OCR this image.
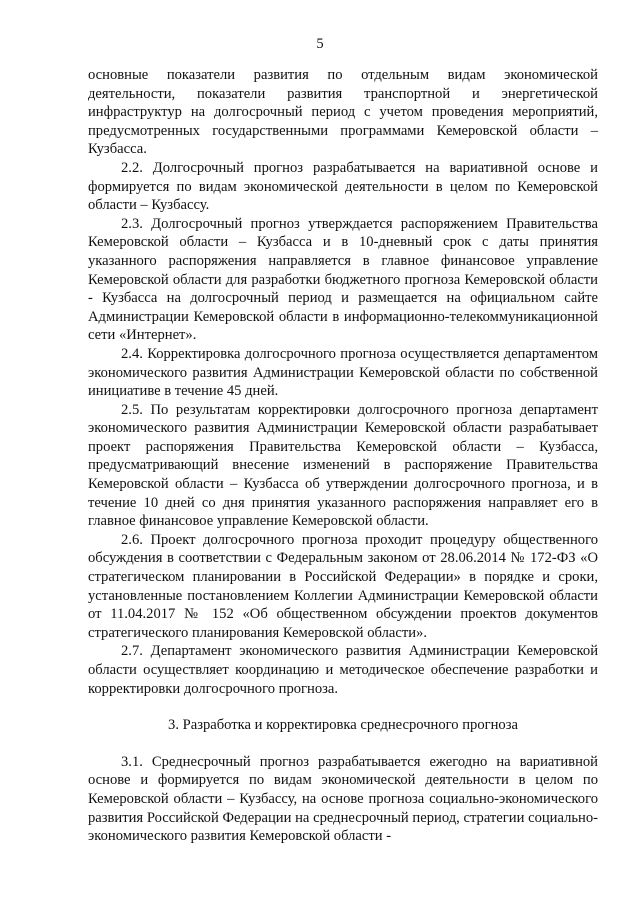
5

основные показатели развития по отдельным видам экономической деятельности, показатели развития транспортной и энергетической инфраструктур на долгосрочный период с учетом проведения мероприятий, предусмотренных государственными программами Кемеровской области – Кузбасса.

2.2. Долгосрочный прогноз разрабатывается на вариативной основе и формируется по видам экономической деятельности в целом по Кемеровской области – Кузбассу.

2.3. Долгосрочный прогноз утверждается распоряжением Правительства Кемеровской области – Кузбасса и в 10-дневный срок с даты принятия указанного распоряжения направляется в главное финансовое управление Кемеровской области для разработки бюджетного прогноза Кемеровской области - Кузбасса на долгосрочный период и размещается на официальном сайте Администрации Кемеровской области в информационно-телекоммуникационной сети «Интернет».

2.4. Корректировка долгосрочного прогноза осуществляется департаментом экономического развития Администрации Кемеровской области по собственной инициативе в течение 45 дней.

2.5. По результатам корректировки долгосрочного прогноза департамент экономического развития Администрации Кемеровской области разрабатывает проект распоряжения Правительства Кемеровской области – Кузбасса, предусматривающий внесение изменений в распоряжение Правительства Кемеровской области – Кузбасса об утверждении долгосрочного прогноза, и в течение 10 дней со дня принятия указанного распоряжения направляет его в главное финансовое управление Кемеровской области.

2.6. Проект долгосрочного прогноза проходит процедуру общественного обсуждения в соответствии с Федеральным законом от 28.06.2014 № 172-ФЗ «О стратегическом планировании в Российской Федерации» в порядке и сроки, установленные постановлением Коллегии Администрации Кемеровской области от 11.04.2017 № 152 «Об общественном обсуждении проектов документов стратегического планирования Кемеровской области».

2.7. Департамент экономического развития Администрации Кемеровской области осуществляет координацию и методическое обеспечение разработки и корректировки долгосрочного прогноза.

3. Разработка и корректировка среднесрочного прогноза

3.1. Среднесрочный прогноз разрабатывается ежегодно на вариативной основе и формируется по видам экономической деятельности в целом по Кемеровской области – Кузбассу, на основе прогноза социально-экономического развития Российской Федерации на среднесрочный период, стратегии социально-экономического развития Кемеровской области -
